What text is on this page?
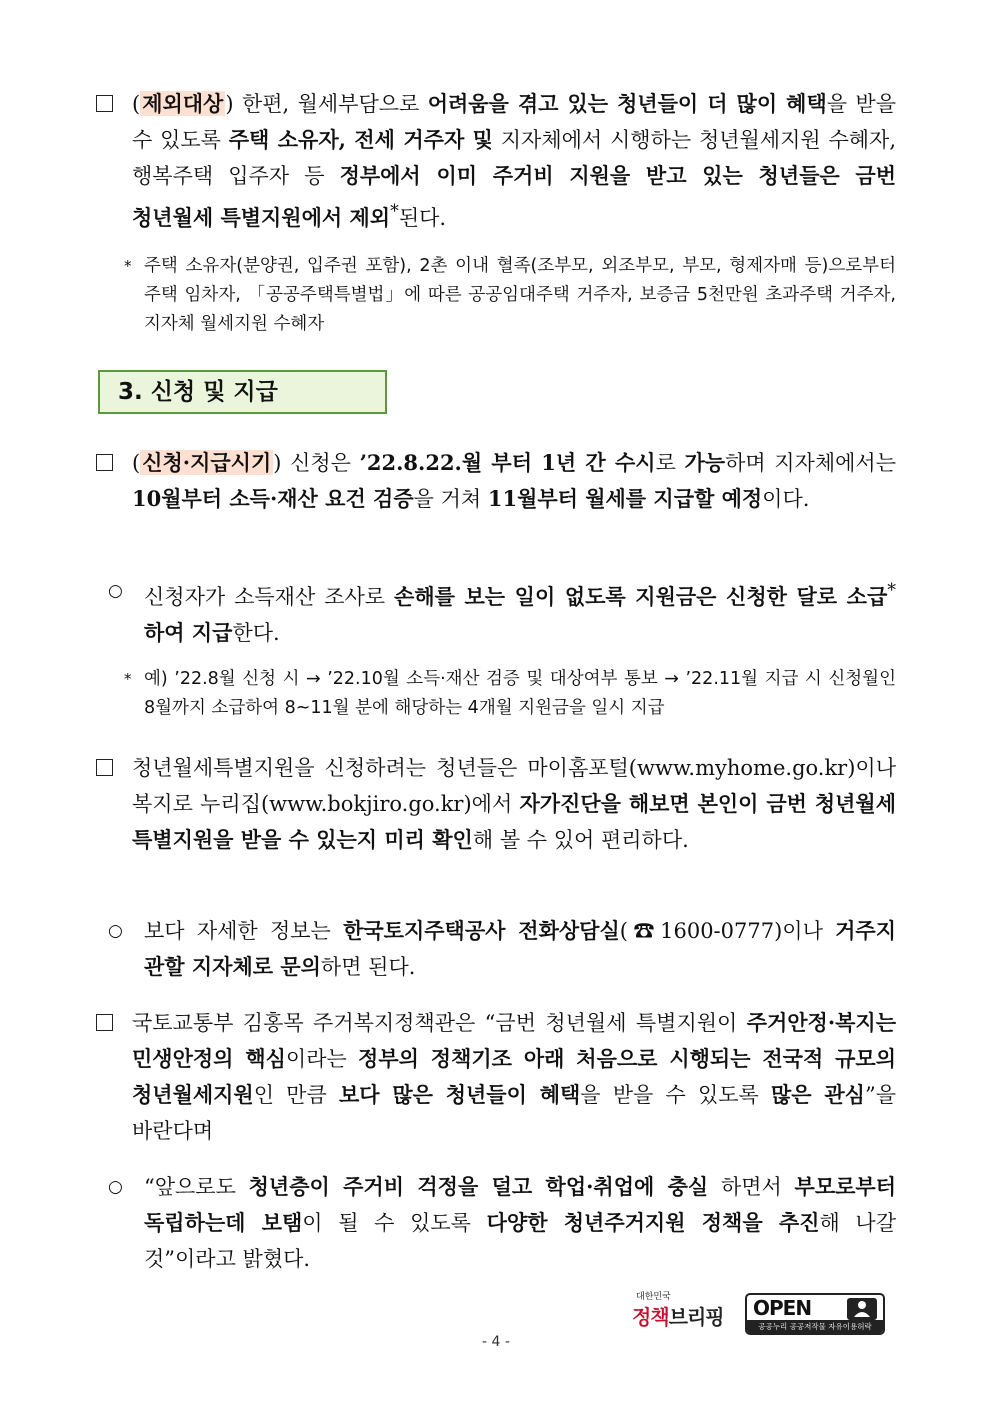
(제외대상) 한편, 월세부담으로 어려움을 겪고 있는 청년들이 더 많이 혜택을 받을 수 있도록 주택 소유자, 전세 거주자 및 지자체에서 시행하는 청년월세지원 수혜자, 행복주택 입주자 등 정부에서 이미 주거비 지원을 받고 있는 청년들은 금번 청년월세 특별지원에서 제외*된다.
* 주택 소유자(분양권, 입주권 포함), 2촌 이내 혈족(조부모, 외조부모, 부모, 형제자매 등)으로부터 주택 임차자, 「공공주택특별법」에 따른 공공임대주택 거주자, 보증금 5천만원 초과주택 거주자, 지자체 월세지원 수혜자
3. 신청 및 지급
(신청·지급시기) 신청은 ’22.8.22.월 부터 1년 간 수시로 가능하며 지자체에서는 10월부터 소득·재산 요건 검증을 거쳐 11월부터 월세를 지급할 예정이다.
○ 신청자가 소득재산 조사로 손해를 보는 일이 없도록 지원금은 신청한 달로 소급*하여 지급한다.
* 예) ’22.8월 신청 시 → ’22.10월 소득·재산 검증 및 대상여부 통보 → ’22.11월 지급 시 신청월인 8월까지 소급하여 8~11월 분에 해당하는 4개월 지원금을 일시 지급
청년월세특별지원을 신청하려는 청년들은 마이홈포털(www.myhome.go.kr)이나 복지로 누리집(www.bokjiro.go.kr)에서 자가진단을 해보면 본인이 금번 청년월세 특별지원을 받을 수 있는지 미리 확인해 볼 수 있어 편리하다.
○ 보다 자세한 정보는 한국토지주택공사 전화상담실(☎1600-0777)이나 거주지 관할 지자체로 문의하면 된다.
국토교통부 김홍목 주거복지정책관은 “금번 청년월세 특별지원이 주거안정·복지는 민생안정의 핵심이라는 정부의 정책기조 아래 처음으로 시행되는 전국적 규모의 청년월세지원인 만큼 보다 많은 청년들이 혜택을 받을 수 있도록 많은 관심”을 바란다며
○ “앞으로도 청년층이 주거비 걱정을 덜고 학업·취업에 충실 하면서 부모로부터 독립하는데 보탬이 될 수 있도록 다양한 청년주거지원 정책을 추진해 나갈 것”이라고 밝혔다.
대한민국
정책브리핑	OPEN
공공누리 공공저작물 자유이용허락
- 4 -
